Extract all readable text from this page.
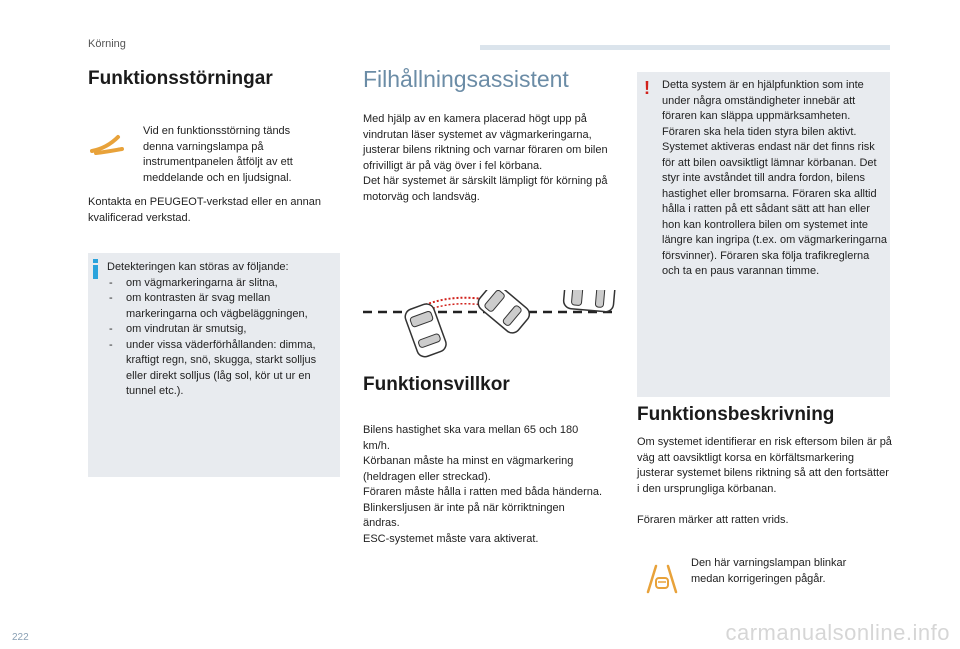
Körning
Funktionsstörningar

Vid en funktionsstörning tänds denna varningslampa på instrumentpanelen åtföljt av ett meddelande och en ljudsignal.

Kontakta en PEUGEOT-verkstad eller en annan kvalificerad verkstad.

Detekteringen kan störas av följande:

- om vägmarkeringarna är slitna,
- om kontrasten är svag mellan markeringarna och vägbeläggningen,
- om vindrutan är smutsig,
- under vissa väderförhållanden: dimma, kraftigt regn, snö, skugga, starkt solljus eller direkt solljus (låg sol, kör ut ur en tunnel etc.).
Filhållningsassistent

Med hjälp av en kamera placerad högt upp på vindrutan läser systemet av vägmarkeringarna, justerar bilens riktning och varnar föraren om bilen ofrivilligt är på väg över i fel körbana.

Det här systemet är särskilt lämpligt för körning på motorväg och landsväg.

Funktionsvillkor

Bilens hastighet ska vara mellan 65 och 180 km/h.

Körbanan måste ha minst en vägmarkering (heldragen eller streckad).

Föraren måste hålla i ratten med båda händerna.

Blinkersljusen är inte på när körriktningen ändras.

ESC-systemet måste vara aktiverat.

! Detta system är en hjälpfunktion som inte under några omständigheter innebär att föraren kan släppa uppmärksamheten. Föraren ska hela tiden styra bilen aktivt. Systemet aktiveras endast när det finns risk för att bilen oavsiktligt lämnar körbanan. Det styr inte avståndet till andra fordon, bilens hastighet eller bromsarna. Föraren ska alltid hålla i ratten på ett sådant sätt att han eller hon kan kontrollera bilen om systemet inte längre kan ingripa (t.ex. om vägmarkeringarna försvinner). Föraren ska följa trafikreglerna och ta en paus varannan timme.

Funktionsbeskrivning

Om systemet identifierar en risk eftersom bilen är på väg att oavsiktligt korsa en körfältsmarkering justerar systemet bilens riktning så att den fortsätter i den ursprungliga körbanan.

Föraren märker att ratten vrids.

Den här varningslampan blinkar medan korrigeringen pågår.

222	carmanualsonline.info
